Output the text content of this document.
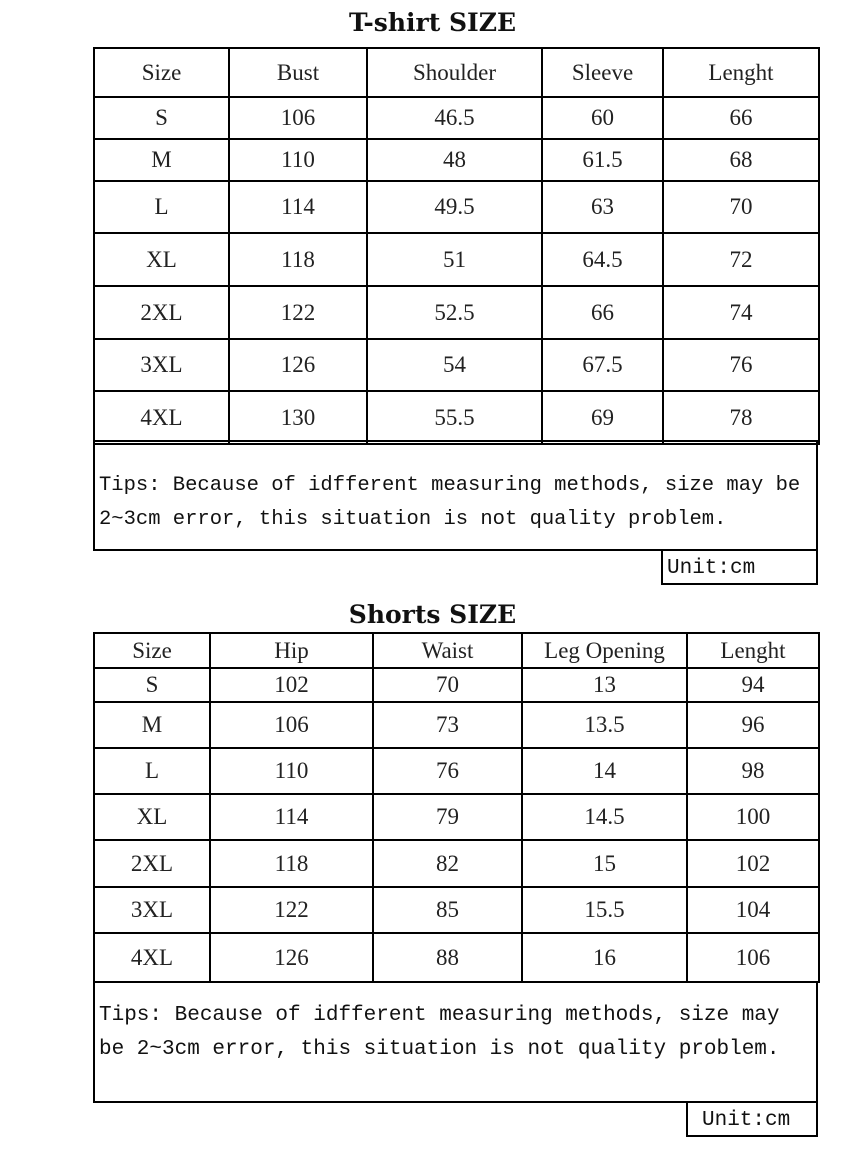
T-shirt SIZE
Size	Bust	Shoulder	Sleeve	Lenght
S	106	46.5	60	66
M	110	48	61.5	68
L	114	49.5	63	70
XL	118	51	64.5	72
2XL	122	52.5	66	74
3XL	126	54	67.5	76
4XL	130	55.5	69	78
Tips: Because of idfferent measuring methods, size may be 2~3cm error, this situation is not quality problem.
Unit:cm
Shorts SIZE
Size	Hip	Waist	Leg Opening	Lenght
S	102	70	13	94
M	106	73	13.5	96
L	110	76	14	98
XL	114	79	14.5	100
2XL	118	82	15	102
3XL	122	85	15.5	104
4XL	126	88	16	106
Tips: Because of idfferent measuring methods, size may be 2~3cm error, this situation is not quality problem.
Unit:cm
